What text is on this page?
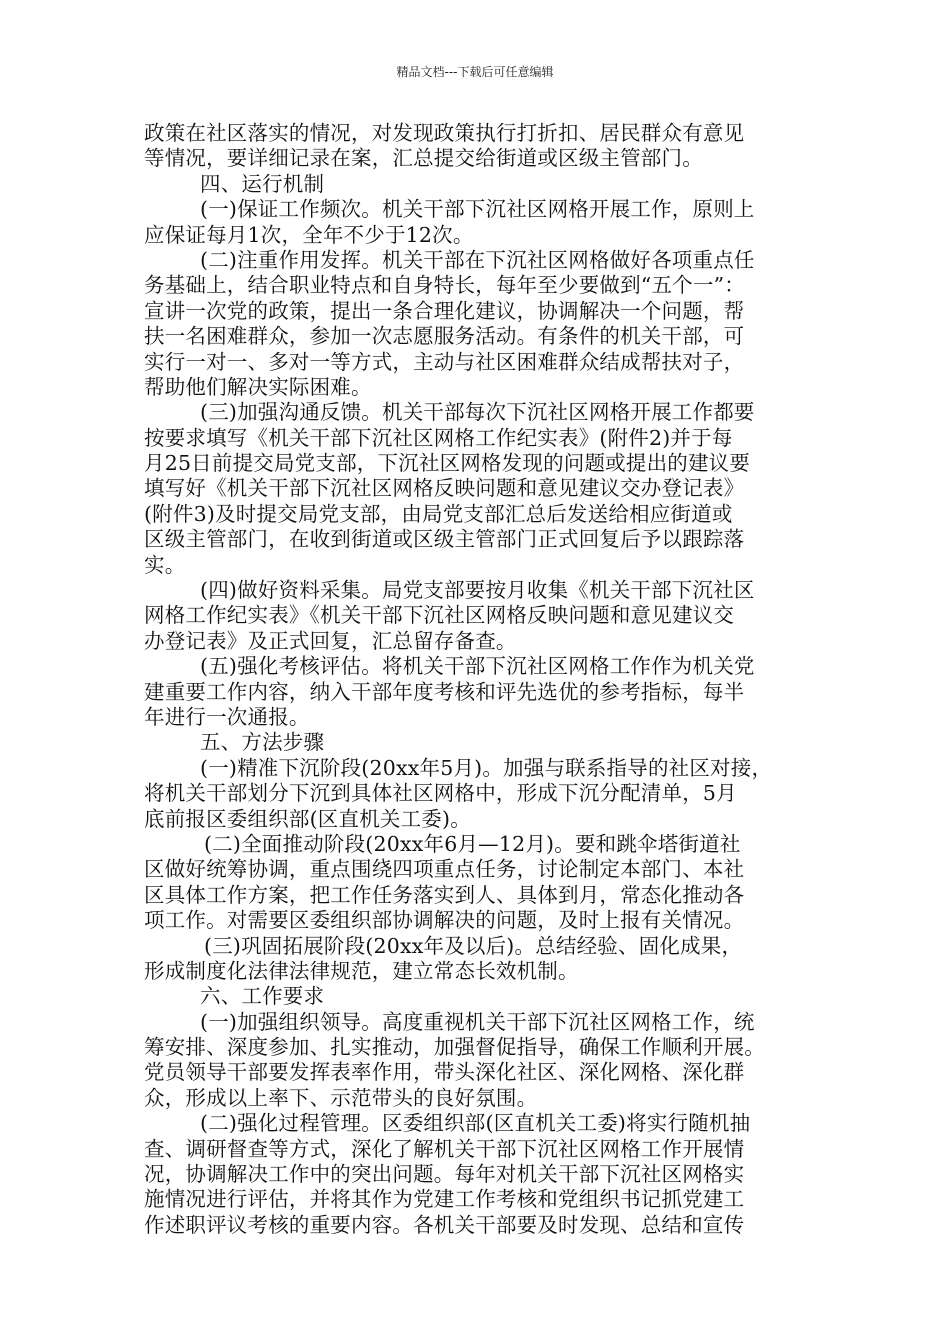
精品文档---下载后可任意编辑
政策在社区落实的情况，对发现政策执行打折扣、居民群众有意见
等情况，要详细记录在案，汇总提交给街道或区级主管部门。
四、运行机制
(一)保证工作频次。机关干部下沉社区网格开展工作，原则上
应保证每月1次，全年不少于12次。
(二)注重作用发挥。机关干部在下沉社区网格做好各项重点任
务基础上，结合职业特点和自身特长，每年至少要做到“五个一”：
宣讲一次党的政策，提出一条合理化建议，协调解决一个问题，帮
扶一名困难群众，参加一次志愿服务活动。有条件的机关干部，可
实行一对一、多对一等方式，主动与社区困难群众结成帮扶对子，
帮助他们解决实际困难。
(三)加强沟通反馈。机关干部每次下沉社区网格开展工作都要
按要求填写《机关干部下沉社区网格工作纪实表》(附件2)并于每
月25日前提交局党支部，下沉社区网格发现的问题或提出的建议要
填写好《机关干部下沉社区网格反映问题和意见建议交办登记表》
(附件3)及时提交局党支部，由局党支部汇总后发送给相应街道或
区级主管部门，在收到街道或区级主管部门正式回复后予以跟踪落
实。
(四)做好资料采集。局党支部要按月收集《机关干部下沉社区
网格工作纪实表》《机关干部下沉社区网格反映问题和意见建议交
办登记表》及正式回复，汇总留存备查。
(五)强化考核评估。将机关干部下沉社区网格工作作为机关党
建重要工作内容，纳入干部年度考核和评先选优的参考指标，每半
年进行一次通报。
五、方法步骤
(一)精准下沉阶段(20xx年5月)。加强与联系指导的社区对接，
将机关干部划分下沉到具体社区网格中，形成下沉分配清单，5月
底前报区委组织部(区直机关工委)。
(二)全面推动阶段(20xx年6月—12月)。要和跳伞塔街道社
区做好统筹协调，重点围绕四项重点任务，讨论制定本部门、本社
区具体工作方案，把工作任务落实到人、具体到月，常态化推动各
项工作。对需要区委组织部协调解决的问题，及时上报有关情况。
(三)巩固拓展阶段(20xx年及以后)。总结经验、固化成果，
形成制度化法律法律规范，建立常态长效机制。
六、工作要求
(一)加强组织领导。高度重视机关干部下沉社区网格工作，统
筹安排、深度参加、扎实推动，加强督促指导，确保工作顺利开展。
党员领导干部要发挥表率作用，带头深化社区、深化网格、深化群
众，形成以上率下、示范带头的良好氛围。
(二)强化过程管理。区委组织部(区直机关工委)将实行随机抽
查、调研督查等方式，深化了解机关干部下沉社区网格工作开展情
况，协调解决工作中的突出问题。每年对机关干部下沉社区网格实
施情况进行评估，并将其作为党建工作考核和党组织书记抓党建工
作述职评议考核的重要内容。各机关干部要及时发现、总结和宣传
